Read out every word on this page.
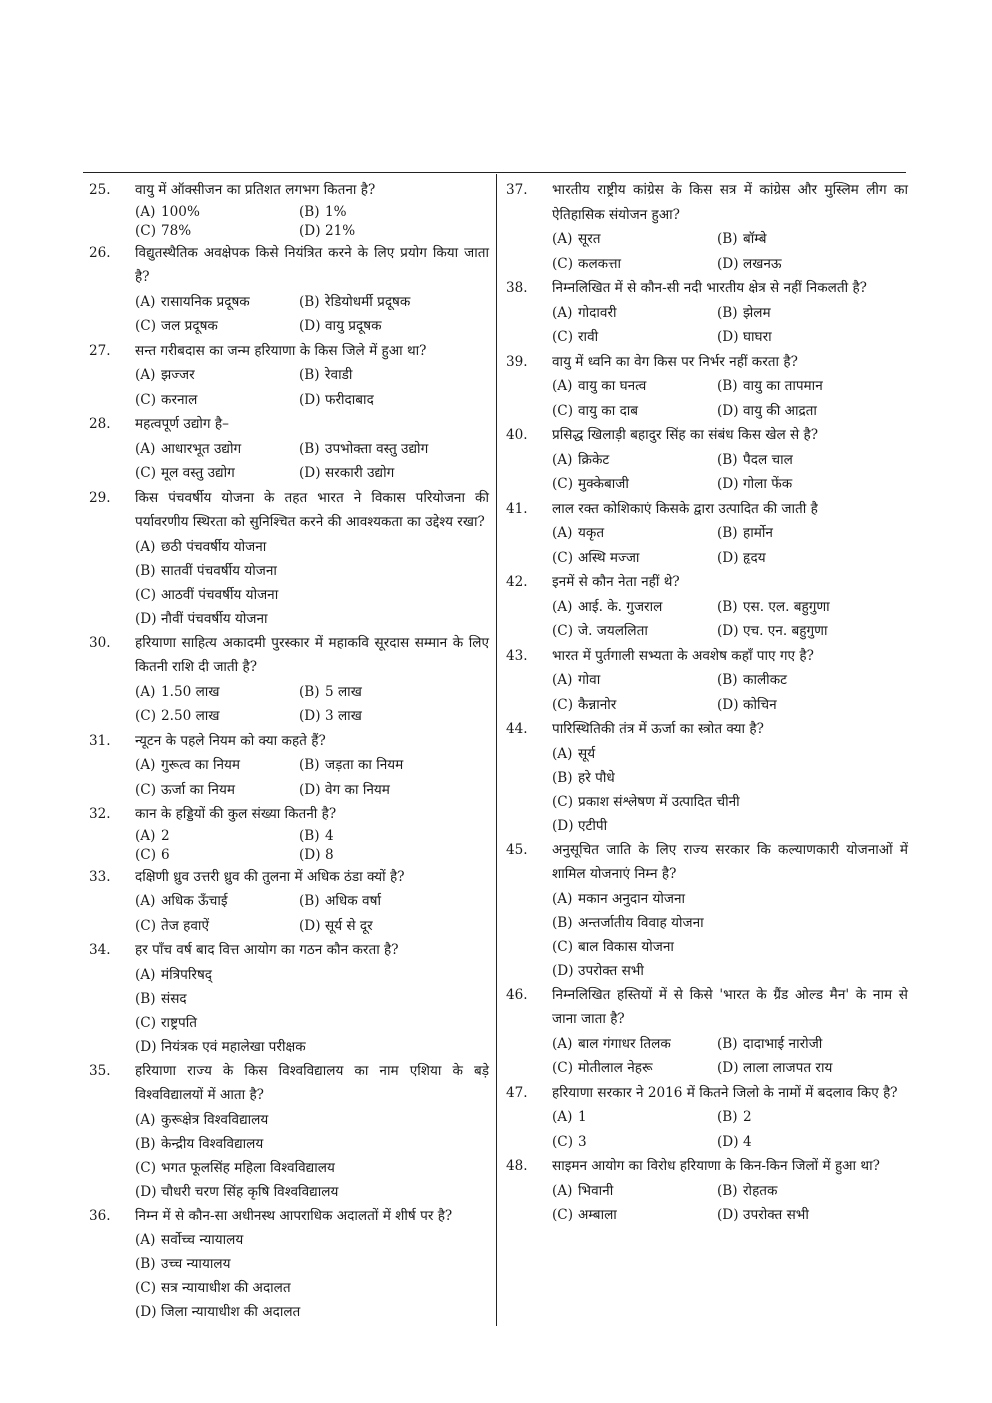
25.	वायु में ऑक्सीजन का प्रतिशत लगभग कितना है?
(A) 100%	(B) 1%
(C) 78%	(D) 21%
26.	विद्युतस्थैतिक अवक्षेपक किसे नियंत्रित करने के लिए प्रयोग किया जाता है?
(A) रासायनिक प्रदूषक	(B) रेडियोधर्मी प्रदूषक
(C) जल प्रदूषक	(D) वायु प्रदूषक
27.	सन्त गरीबदास का जन्म हरियाणा के किस जिले में हुआ था?
(A) झज्जर	(B) रेवाडी
(C) करनाल	(D) फरीदाबाद
28.	महत्वपूर्ण उद्योग है–
(A) आधारभूत उद्योग	(B) उपभोक्ता वस्तु उद्योग
(C) मूल वस्तु उद्योग	(D) सरकारी उद्योग
29.	किस पंचवर्षीय योजना के तहत भारत ने विकास परियोजना की पर्यावरणीय स्थिरता को सुनिश्चित करने की आवश्यकता का उद्देश्य रखा?
(A) छठी पंचवर्षीय योजना
(B) सातवीं पंचवर्षीय योजना
(C) आठवीं पंचवर्षीय योजना
(D) नौवीं पंचवर्षीय योजना
30.	हरियाणा साहित्य अकादमी पुरस्कार में महाकवि सूरदास सम्मान के लिए कितनी राशि दी जाती है?
(A) 1.50 लाख	(B) 5 लाख
(C) 2.50 लाख	(D) 3 लाख
31.	न्यूटन के पहले नियम को क्या कहते हैं?
(A) गुरूत्व का नियम	(B) जड़ता का नियम
(C) ऊर्जा का नियम	(D) वेग का नियम
32.	कान के हड्डियों की कुल संख्या कितनी है?
(A) 2	(B) 4
(C) 6	(D) 8
33.	दक्षिणी ध्रुव उत्तरी ध्रुव की तुलना में अधिक ठंडा क्यों है?
(A) अधिक ऊँचाई	(B) अधिक वर्षा
(C) तेज हवाऐं	(D) सूर्य से दूर
34.	हर पाँच वर्ष बाद वित्त आयोग का गठन कौन करता है?
(A) मंत्रिपरिषद्
(B) संसद
(C) राष्ट्रपति
(D) नियंत्रक एवं महालेखा परीक्षक
35.	हरियाणा राज्य के किस विश्वविद्यालय का नाम एशिया के बड़े विश्वविद्यालयों में आता है?
(A) कुरूक्षेत्र विश्वविद्यालय
(B) केन्द्रीय विश्वविद्यालय
(C) भगत फूलसिंह महिला विश्वविद्यालय
(D) चौधरी चरण सिंह कृषि विश्वविद्यालय
36.	निम्न में से कौन-सा अधीनस्थ आपराधिक अदालतों में शीर्ष पर है?
(A) सर्वोच्च न्यायालय
(B) उच्च न्यायालय
(C) सत्र न्यायाधीश की अदालत
(D) जिला न्यायाधीश की अदालत
37.	भारतीय राष्ट्रीय कांग्रेस के किस सत्र में कांग्रेस और मुस्लिम लीग का ऐतिहासिक संयोजन हुआ?
(A) सूरत	(B) बॉम्बे
(C) कलकत्ता	(D) लखनऊ
38.	निम्नलिखित में से कौन-सी नदी भारतीय क्षेत्र से नहीं निकलती है?
(A) गोदावरी	(B) झेलम
(C) रावी	(D) घाघरा
39.	वायु में ध्वनि का वेग किस पर निर्भर नहीं करता है?
(A) वायु का घनत्व	(B) वायु का तापमान
(C) वायु का दाब	(D) वायु की आद्रता
40.	प्रसिद्ध खिलाड़ी बहादुर सिंह का संबंध किस खेल से है?
(A) क्रिकेट	(B) पैदल चाल
(C) मुक्केबाजी	(D) गोला फेंक
41.	लाल रक्त कोशिकाएं किसके द्वारा उत्पादित की जाती है
(A) यकृत	(B) हार्मोन
(C) अस्थि मज्जा	(D) हृदय
42.	इनमें से कौन नेता नहीं थे?
(A) आई. के. गुजराल	(B) एस. एल. बहुगुणा
(C) जे. जयललिता	(D) एच. एन. बहुगुणा
43.	भारत में पुर्तगाली सभ्यता के अवशेष कहाँ पाए गए है?
(A) गोवा	(B) कालीकट
(C) कैन्नानोर	(D) कोचिन
44.	पारिस्थितिकी तंत्र में ऊर्जा का स्त्रोत क्या है?
(A) सूर्य
(B) हरे पौधे
(C) प्रकाश संश्लेषण में उत्पादित चीनी
(D) एटीपी
45.	अनुसूचित जाति के लिए राज्य सरकार कि कल्याणकारी योजनाओं में शामिल योजनाएं निम्न है?
(A) मकान अनुदान योजना
(B) अन्तर्जातीय विवाह योजना
(C) बाल विकास योजना
(D) उपरोक्त सभी
46.	निम्नलिखित हस्तियों में से किसे 'भारत के ग्रैंड ओल्ड मैन' के नाम से जाना जाता है?
(A) बाल गंगाधर तिलक	(B) दादाभाई नारोजी
(C) मोतीलाल नेहरू	(D) लाला लाजपत राय
47.	हरियाणा सरकार ने 2016 में कितने जिलो के नामों में बदलाव किए है?
(A) 1	(B) 2
(C) 3	(D) 4
48.	साइमन आयोग का विरोध हरियाणा के किन-किन जिलों में हुआ था?
(A) भिवानी	(B) रोहतक
(C) अम्बाला	(D) उपरोक्त सभी
